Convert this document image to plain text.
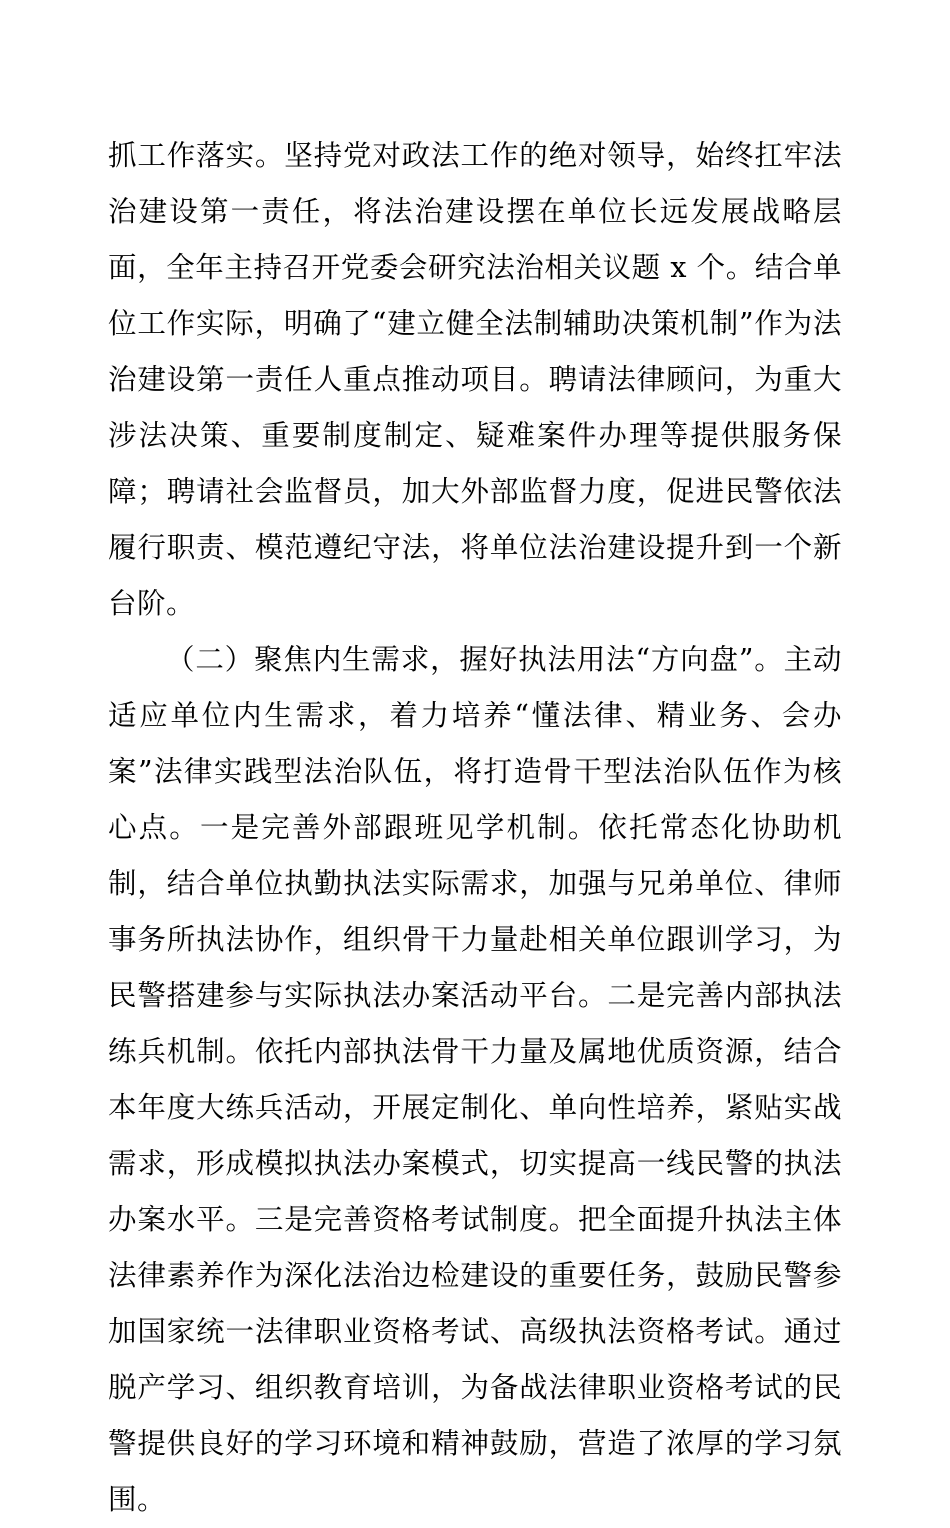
抓工作落实。坚持党对政法工作的绝对领导，始终扛牢法治建设第一责任，将法治建设摆在单位长远发展战略层面，全年主持召开党委会研究法治相关议题 x 个。结合单位工作实际，明确了“建立健全法制辅助决策机制”作为法治建设第一责任人重点推动项目。聘请法律顾问，为重大涉法决策、重要制度制定、疑难案件办理等提供服务保障；聘请社会监督员，加大外部监督力度，促进民警依法履行职责、模范遵纪守法，将单位法治建设提升到一个新台阶。

（二）聚焦内生需求，握好执法用法“方向盘”。主动适应单位内生需求，着力培养“懂法律、精业务、会办案”法律实践型法治队伍，将打造骨干型法治队伍作为核心点。一是完善外部跟班见学机制。依托常态化协助机制，结合单位执勤执法实际需求，加强与兄弟单位、律师事务所执法协作，组织骨干力量赴相关单位跟训学习，为民警搭建参与实际执法办案活动平台。二是完善内部执法练兵机制。依托内部执法骨干力量及属地优质资源，结合本年度大练兵活动，开展定制化、单向性培养，紧贴实战需求，形成模拟执法办案模式，切实提高一线民警的执法办案水平。三是完善资格考试制度。把全面提升执法主体法律素养作为深化法治边检建设的重要任务，鼓励民警参加国家统一法律职业资格考试、高级执法资格考试。通过脱产学习、组织教育培训，为备战法律职业资格考试的民警提供良好的学习环境和精神鼓励，营造了浓厚的学习氛围。
